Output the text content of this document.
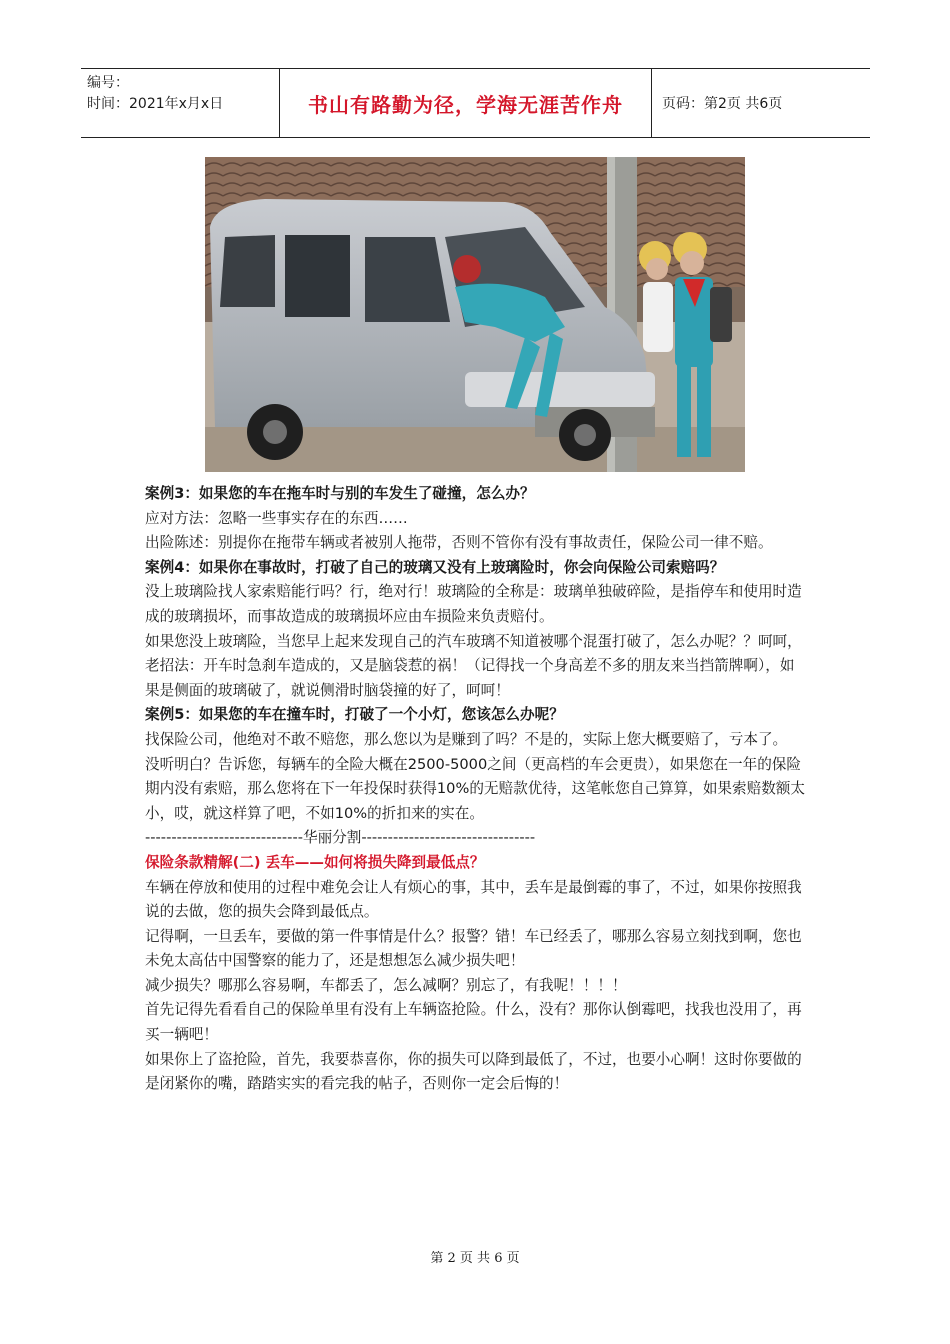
编号：
时间：2021年x月x日	书山有路勤为径，学海无涯苦作舟	页码：第2页 共6页

案例3：如果您的车在拖车时与别的车发生了碰撞，怎么办？

应对方法：忽略一些事实存在的东西……

出险陈述：别提你在拖带车辆或者被别人拖带，否则不管你有没有事故责任，保险公司一律不赔。

案例4：如果你在事故时，打破了自己的玻璃又没有上玻璃险时，你会向保险公司索赔吗？

没上玻璃险找人家索赔能行吗？行，绝对行！玻璃险的全称是：玻璃单独破碎险，是指停车和使用时造成的玻璃损坏，而事故造成的玻璃损坏应由车损险来负责赔付。

如果您没上玻璃险，当您早上起来发现自己的汽车玻璃不知道被哪个混蛋打破了，怎么办呢？？呵呵，老招法：开车时急刹车造成的，又是脑袋惹的祸！（记得找一个身高差不多的朋友来当挡箭牌啊），如果是侧面的玻璃破了，就说侧滑时脑袋撞的好了，呵呵！

案例5：如果您的车在撞车时，打破了一个小灯，您该怎么办呢？

找保险公司，他绝对不敢不赔您，那么您以为是赚到了吗？不是的，实际上您大概要赔了，亏本了。

没听明白？告诉您，每辆车的全险大概在2500-5000之间（更高档的车会更贵），如果您在一年的保险期内没有索赔，那么您将在下一年投保时获得10%的无赔款优待，这笔帐您自己算算，如果索赔数额太小，哎，就这样算了吧，不如10%的折扣来的实在。

------------------------------华丽分割---------------------------------

保险条款精解(二) 丢车——如何将损失降到最低点？

车辆在停放和使用的过程中难免会让人有烦心的事，其中，丢车是最倒霉的事了，不过，如果你按照我说的去做，您的损失会降到最低点。

记得啊，一旦丢车，要做的第一件事情是什么？报警？错！车已经丢了，哪那么容易立刻找到啊，您也未免太高估中国警察的能力了，还是想想怎么减少损失吧！

减少损失？哪那么容易啊，车都丢了，怎么减啊？别忘了，有我呢！！！！

首先记得先看看自己的保险单里有没有上车辆盗抢险。什么，没有？那你认倒霉吧，找我也没用了，再买一辆吧！

如果你上了盗抢险，首先，我要恭喜你，你的损失可以降到最低了，不过，也要小心啊！这时你要做的是闭紧你的嘴，踏踏实实的看完我的帖子，否则你一定会后悔的！

第 2 页 共 6 页
